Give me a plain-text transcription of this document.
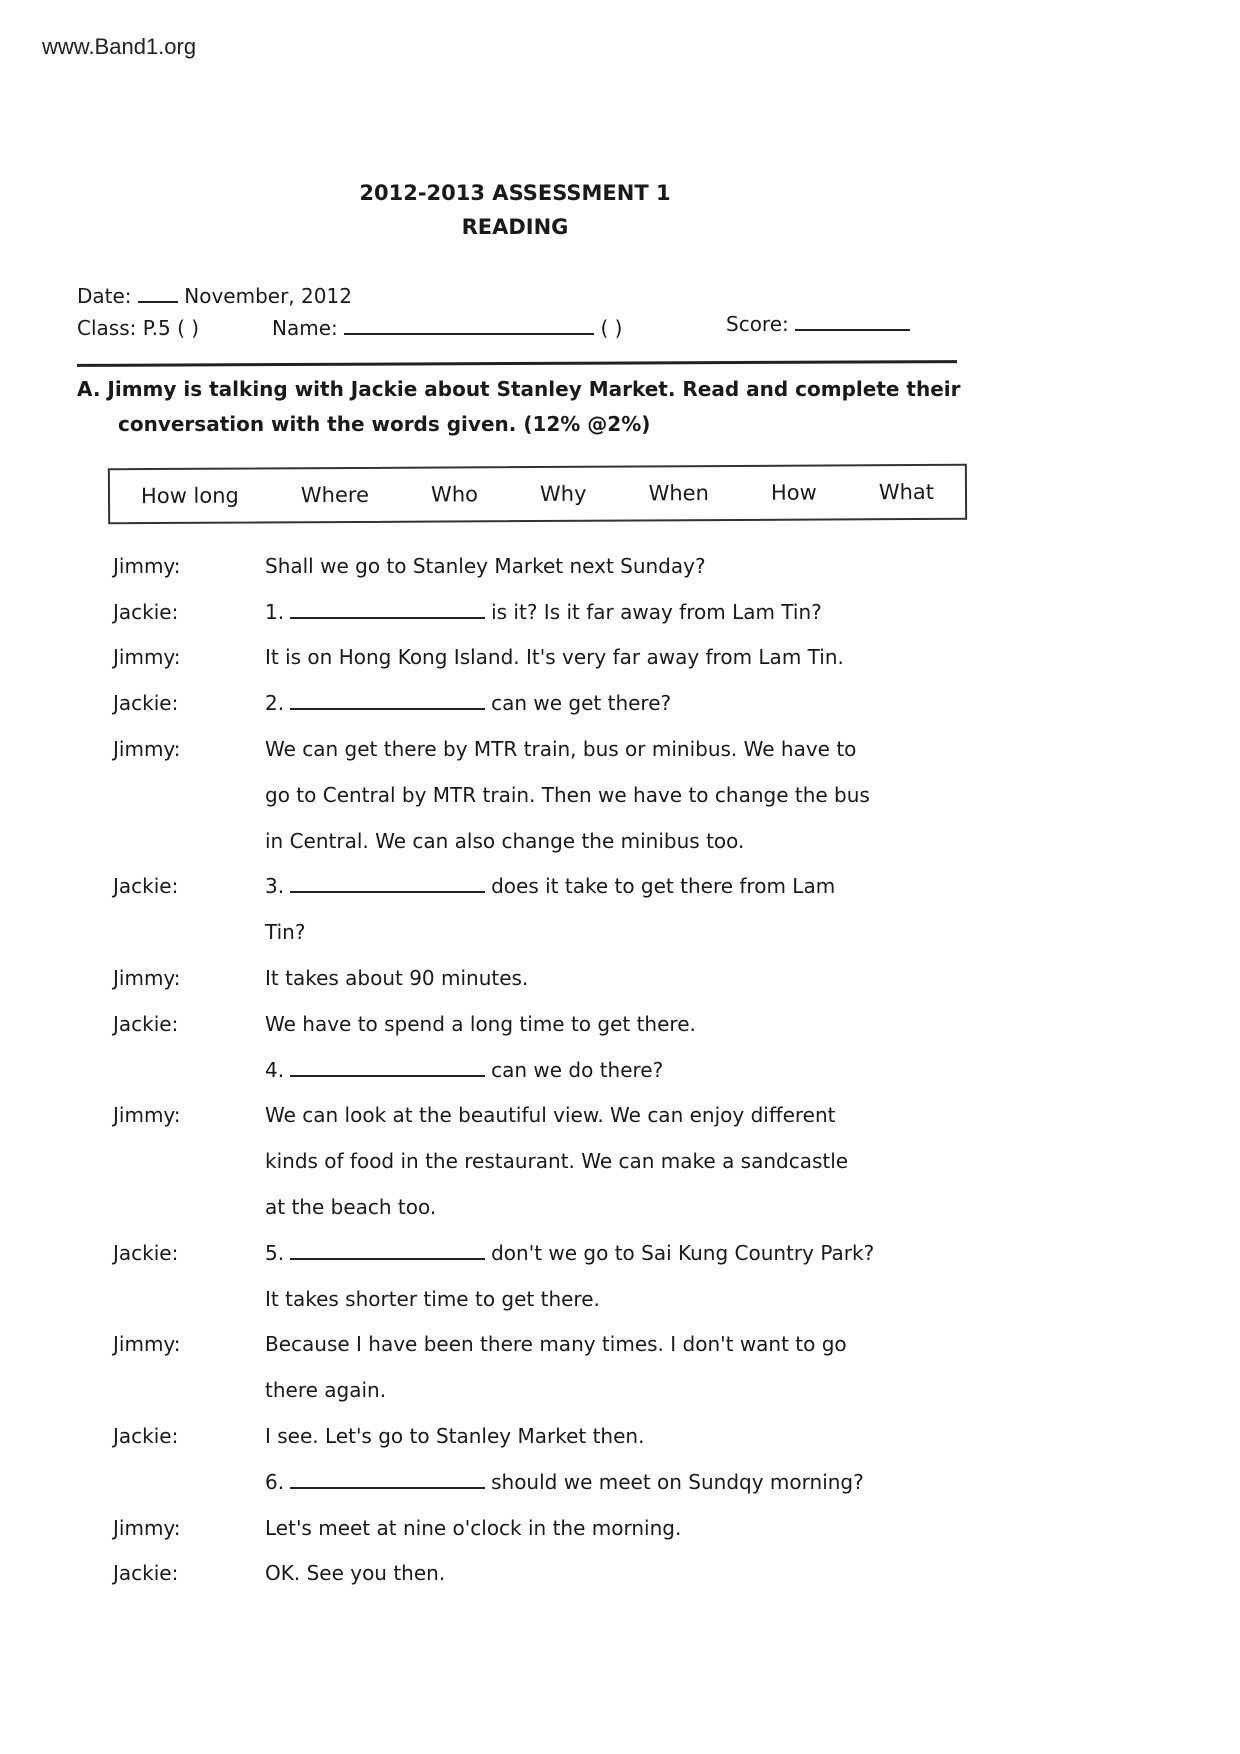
www.Band1.org
2012-2013 ASSESSMENT 1
READING
Date:	November, 2012
Class: P.5 ( )	Name:	( )	Score:
A. Jimmy is talking with Jackie about Stanley Market. Read and complete their
conversation with the words given. (12% @2%)
How long	Where	Who	Why	When	How	What
Jimmy:	Shall we go to Stanley Market next Sunday?
Jackie:	1.	is it? Is it far away from Lam Tin?
Jimmy:	It is on Hong Kong Island. It's very far away from Lam Tin.
Jackie:	2.	can we get there?
Jimmy:	We can get there by MTR train, bus or minibus. We have to
go to Central by MTR train. Then we have to change the bus
in Central. We can also change the minibus too.
Jackie:	3.	does it take to get there from Lam
Tin?
Jimmy:	It takes about 90 minutes.
Jackie:	We have to spend a long time to get there.
4.	can we do there?
Jimmy:	We can look at the beautiful view. We can enjoy different
kinds of food in the restaurant. We can make a sandcastle
at the beach too.
Jackie:	5.	don't we go to Sai Kung Country Park?
It takes shorter time to get there.
Jimmy:	Because I have been there many times. I don't want to go
there again.
Jackie:	I see. Let's go to Stanley Market then.
6.	should we meet on Sundqy morning?
Jimmy:	Let's meet at nine o'clock in the morning.
Jackie:	OK. See you then.
